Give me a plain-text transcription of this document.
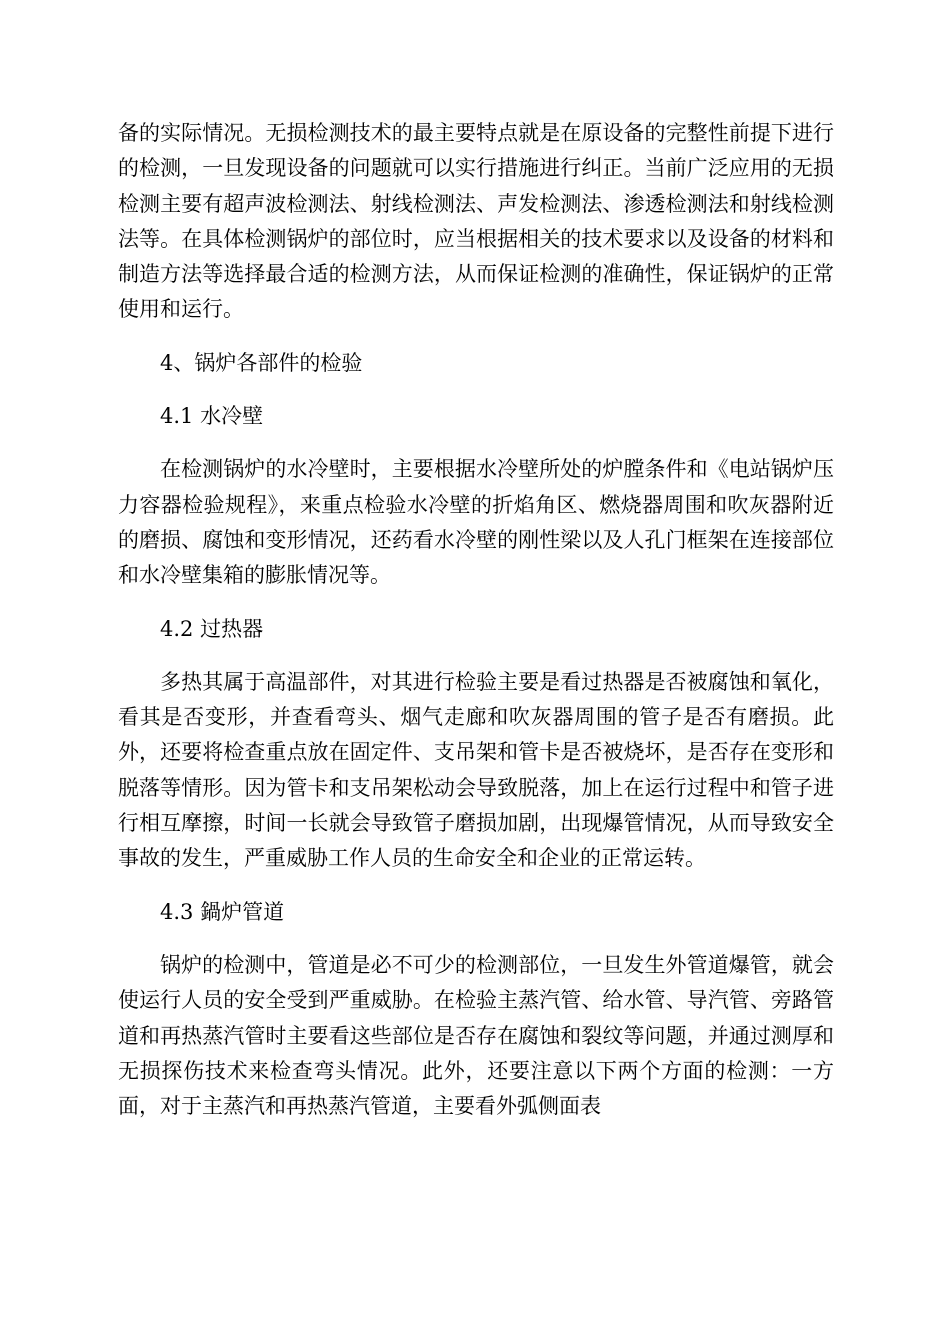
备的实际情况。无损检测技术的最主要特点就是在原设备的完整性前提下进行的检测，一旦发现设备的问题就可以实行措施进行纠正。当前广泛应用的无损检测主要有超声波检测法、射线检测法、声发检测法、渗透检测法和射线检测法等。在具体检测锅炉的部位时，应当根据相关的技术要求以及设备的材料和制造方法等选择最合适的检测方法，从而保证检测的准确性，保证锅炉的正常使用和运行。

4、锅炉各部件的检验

4.1 水冷壁

在检测锅炉的水冷壁时，主要根据水冷壁所处的炉膛条件和《电站锅炉压力容器检验规程》，来重点检验水冷壁的折焰角区、燃烧器周围和吹灰器附近的磨损、腐蚀和变形情况，还药看水冷壁的刚性梁以及人孔门框架在连接部位和水冷壁集箱的膨胀情况等。

4.2 过热器

多热其属于高温部件，对其进行检验主要是看过热器是否被腐蚀和氧化，看其是否变形，并查看弯头、烟气走廊和吹灰器周围的管子是否有磨损。此外，还要将检查重点放在固定件、支吊架和管卡是否被烧坏，是否存在变形和脱落等情形。因为管卡和支吊架松动会导致脱落，加上在运行过程中和管子进行相互摩擦，时间一长就会导致管子磨损加剧，出现爆管情况，从而导致安全事故的发生，严重威胁工作人员的生命安全和企业的正常运转。

4.3 鍋炉管道

锅炉的检测中，管道是必不可少的检测部位，一旦发生外管道爆管，就会使运行人员的安全受到严重威胁。在检验主蒸汽管、给水管、导汽管、旁路管道和再热蒸汽管时主要看这些部位是否存在腐蚀和裂纹等问题，并通过测厚和无损探伤技术来检查弯头情况。此外，还要注意以下两个方面的检测：一方面，对于主蒸汽和再热蒸汽管道，主要看外弧侧面表
